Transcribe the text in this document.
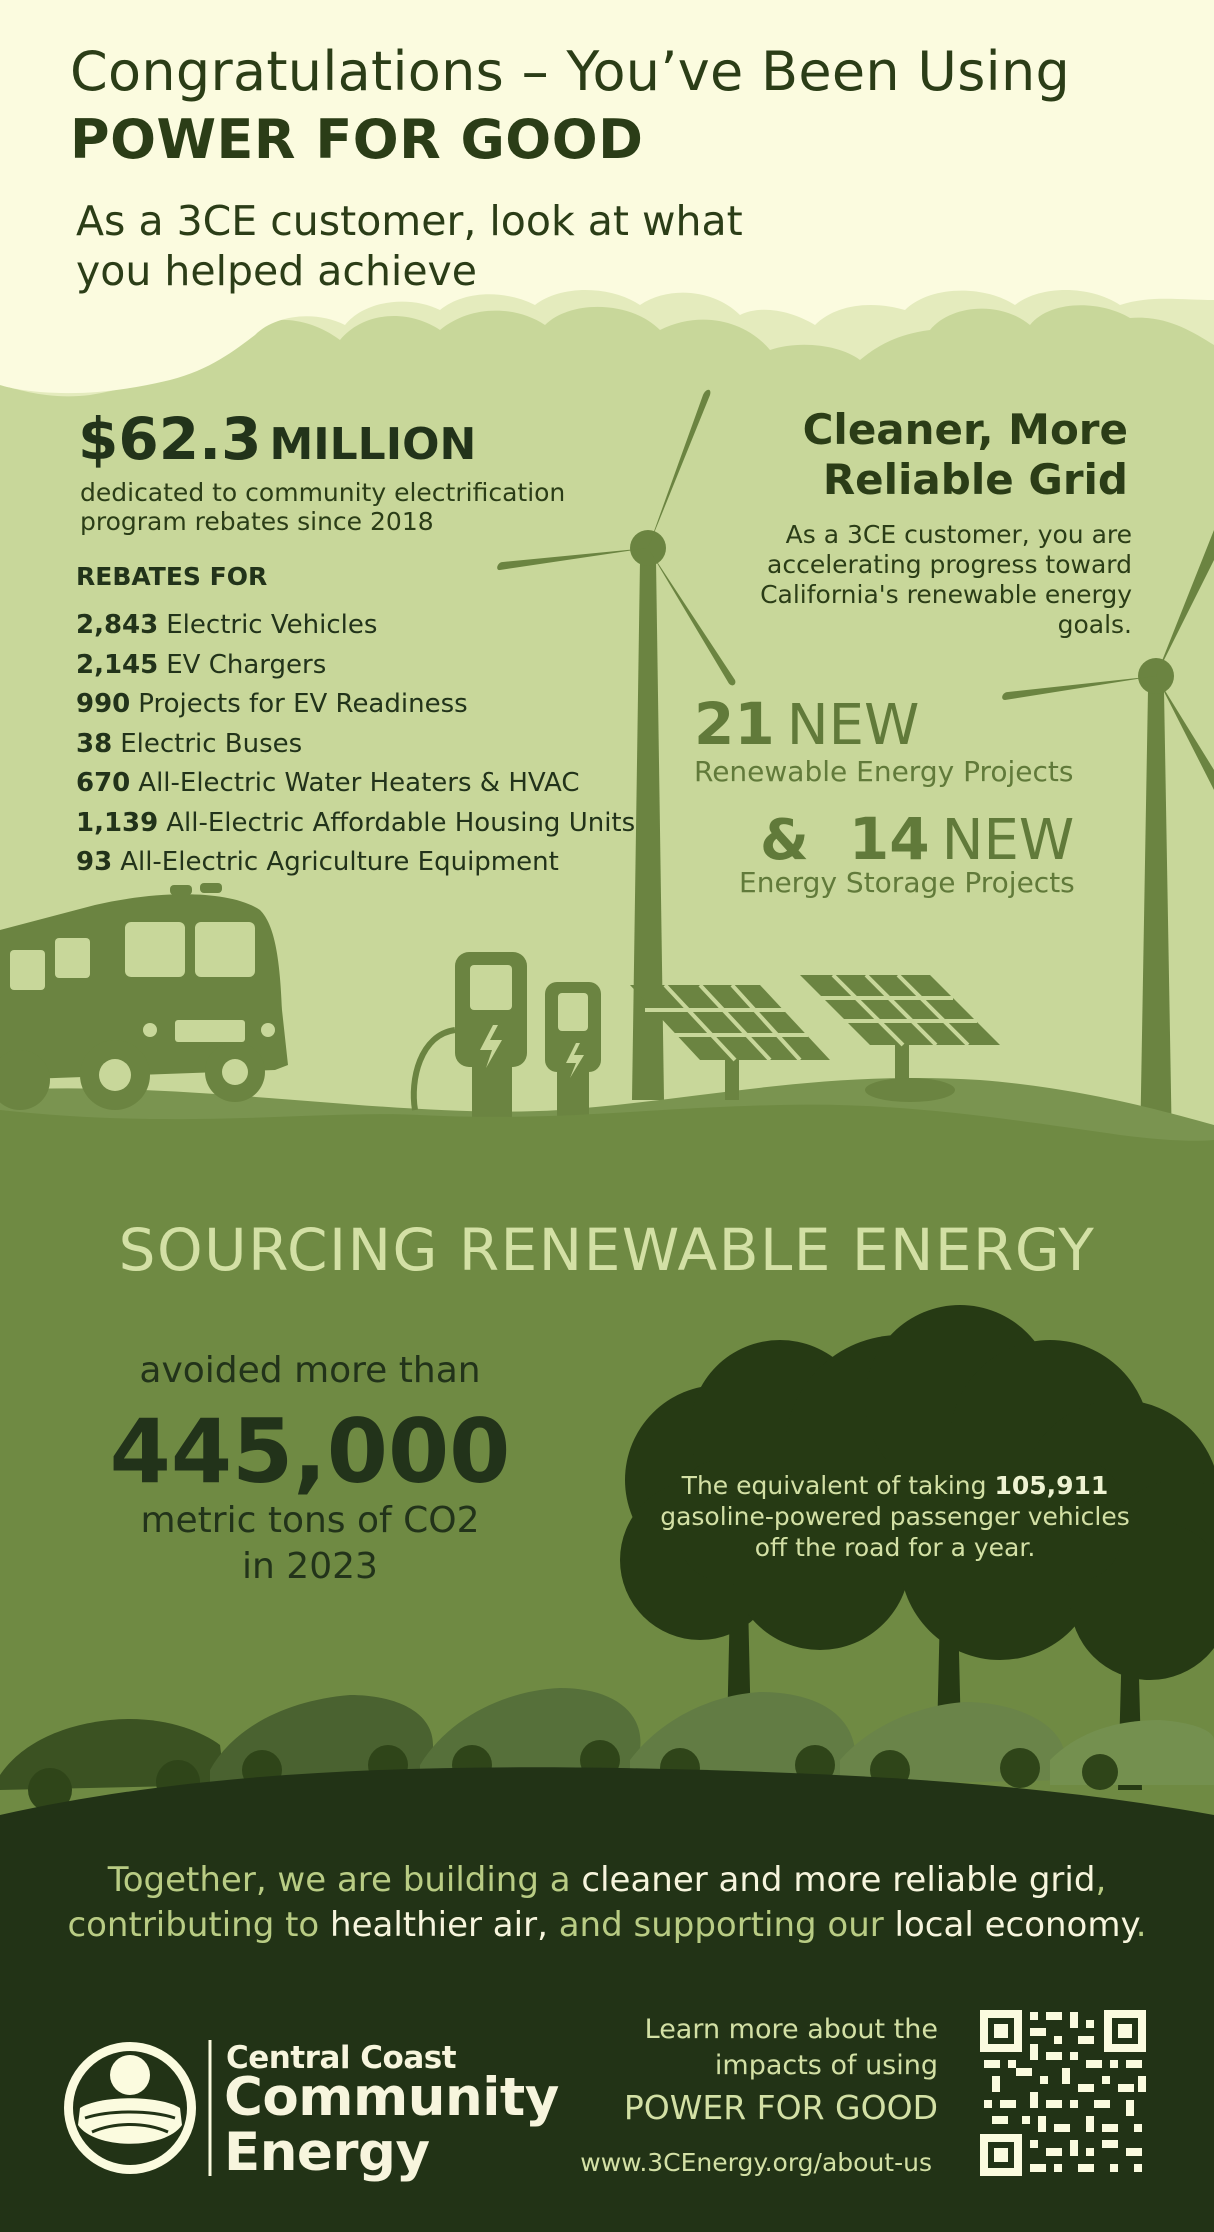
Congratulations – You’ve Been Using
POWER FOR GOOD
As a 3CE customer, look at what you helped achieve
$62.3 MILLION
dedicated to community electrification program rebates since 2018
REBATES FOR
2,843 Electric Vehicles
2,145 EV Chargers
990 Projects for EV Readiness
38 Electric Buses
670 All-Electric Water Heaters & HVAC
1,139 All-Electric Affordable Housing Units
93 All-Electric Agriculture Equipment
Cleaner, More Reliable Grid
As a 3CE customer, you are accelerating progress toward California's renewable energy goals.
21 NEW
Renewable Energy Projects
& 14 NEW
Energy Storage Projects
SOURCING RENEWABLE ENERGY
avoided more than
445,000
metric tons of CO2 in 2023
The equivalent of taking 105,911 gasoline-powered passenger vehicles off the road for a year.
Together, we are building a cleaner and more reliable grid,
contributing to healthier air, and supporting our local economy.
Central Coast
Community
Energy
Learn more about the impacts of using
POWER FOR GOOD
www.3CEnergy.org/about-us
